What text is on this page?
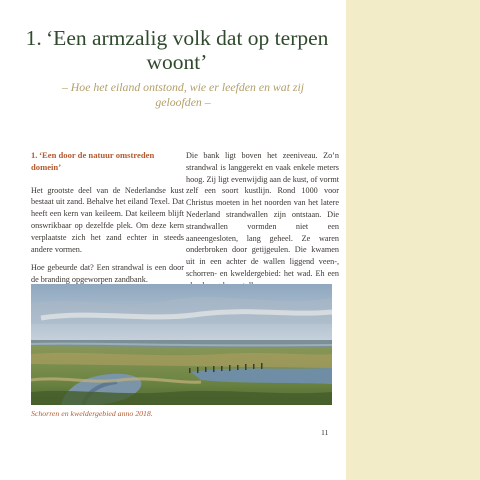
1. ‘Een armzalig volk dat op terpen woont’

– Hoe het eiland ontstond, wie er leefden en wat zij geloofden –

1. ‘Een door de natuur omstreden domein’

Het grootste deel van de Nederlandse kust bestaat uit zand. Behalve het eiland Texel. Dat heeft een kern van keileem. Dat keileem blijft onswrikbaar op dezelfde plek. Om deze kern verplaatste zich het zand echter in steeds andere vormen.

Hoe gebeurde dat? Een strandwal is een door de branding opgeworpen zandbank.

Die bank ligt boven het zeeniveau. Zo’n strandwal is langgerekt en vaak enkele meters hoog. Zij ligt evenwijdig aan de kust, of vormt zelf een soort kustlijn. Rond 1000 voor Christus moeten in het noorden van het latere Nederland strandwallen zijn ontstaan. Die strandwallen vormden niet een aaneengesloten, lang geheel. Ze waren onderbroken door getijgeulen. Die kwamen uit in een achter de wallen liggend veen-, schorren- en kweldergebied: het wad. Eh een

Schorren en kweldergebied anno 2018.
11
